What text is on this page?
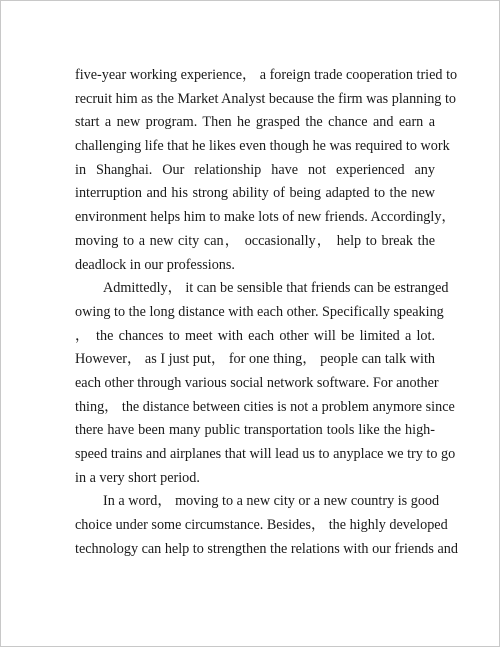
five-year working experience， a foreign trade cooperation tried to
recruit him as the Market Analyst because the firm was planning to
start a new program. Then he grasped the chance and earn a
challenging life that he likes even though he was required to work
in Shanghai. Our relationship have not experienced any
interruption and his strong ability of being adapted to the new
environment helps him to make lots of new friends. Accordingly，
moving to a new city can， occasionally， help to break the
deadlock in our professions.
Admittedly， it can be sensible that friends can be estranged
owing to the long distance with each other. Specifically speaking
， the chances to meet with each other will be limited a lot.
However， as I just put， for one thing， people can talk with
each other through various social network software. For another
thing， the distance between cities is not a problem anymore since
there have been many public transportation tools like the high-
speed trains and airplanes that will lead us to anyplace we try to go
in a very short period.
In a word， moving to a new city or a new country is good
choice under some circumstance. Besides， the highly developed
technology can help to strengthen the relations with our friends and
